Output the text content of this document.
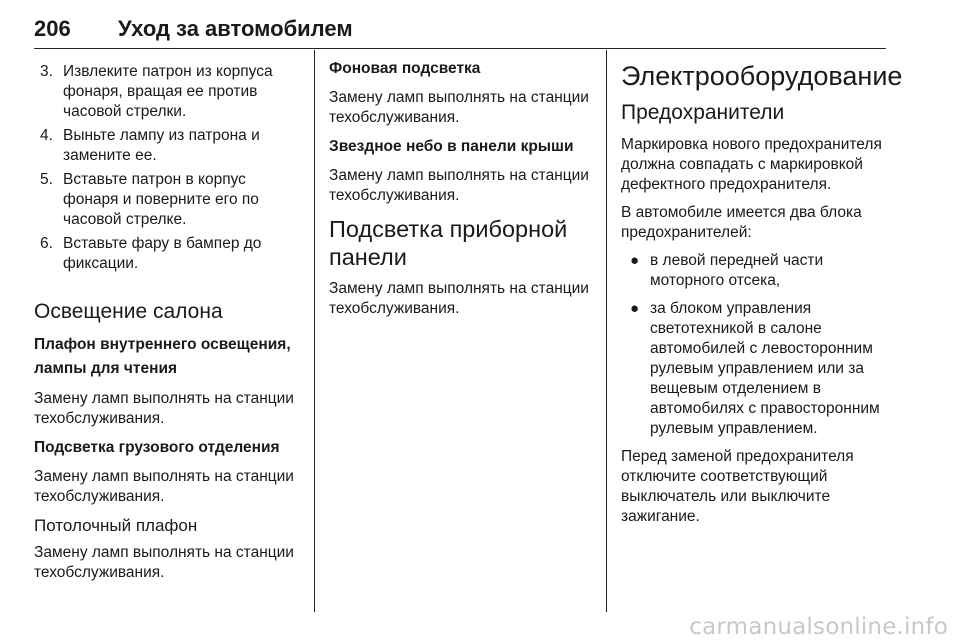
206 Уход за автомобилем
3. Извлеките патрон из корпуса фонаря, вращая ее против часовой стрелки.
4. Выньте лампу из патрона и замените ее.
5. Вставьте патрон в корпус фонаря и поверните его по часовой стрелке.
6. Вставьте фару в бампер до фиксации.
Освещение салона
Плафон внутреннего освещения, лампы для чтения

Замену ламп выполнять на станции техобслуживания.

Подсветка грузового отделения

Замену ламп выполнять на станции техобслуживания.

Потолочный плафон

Замену ламп выполнять на станции техобслуживания.

Фоновая подсветка

Замену ламп выполнять на станции техобслуживания.

Звездное небо в панели крыши

Замену ламп выполнять на станции техобслуживания.

Подсветка приборной панели

Замену ламп выполнять на станции техобслуживания.

Электрооборудование
Предохранители

Маркировка нового предохранителя должна совпадать с маркировкой дефектного предохранителя.

В автомобиле имеется два блока предохранителей:

● в левой передней части моторного отсека,
● за блоком управления светотехникой в салоне автомобилей с левосторонним рулевым управлением или за вещевым отделением в автомобилях с правосторонним рулевым управлением.

Перед заменой предохранителя отключите соответствующий выключатель или выключите зажигание.

carmanualsonline.info
